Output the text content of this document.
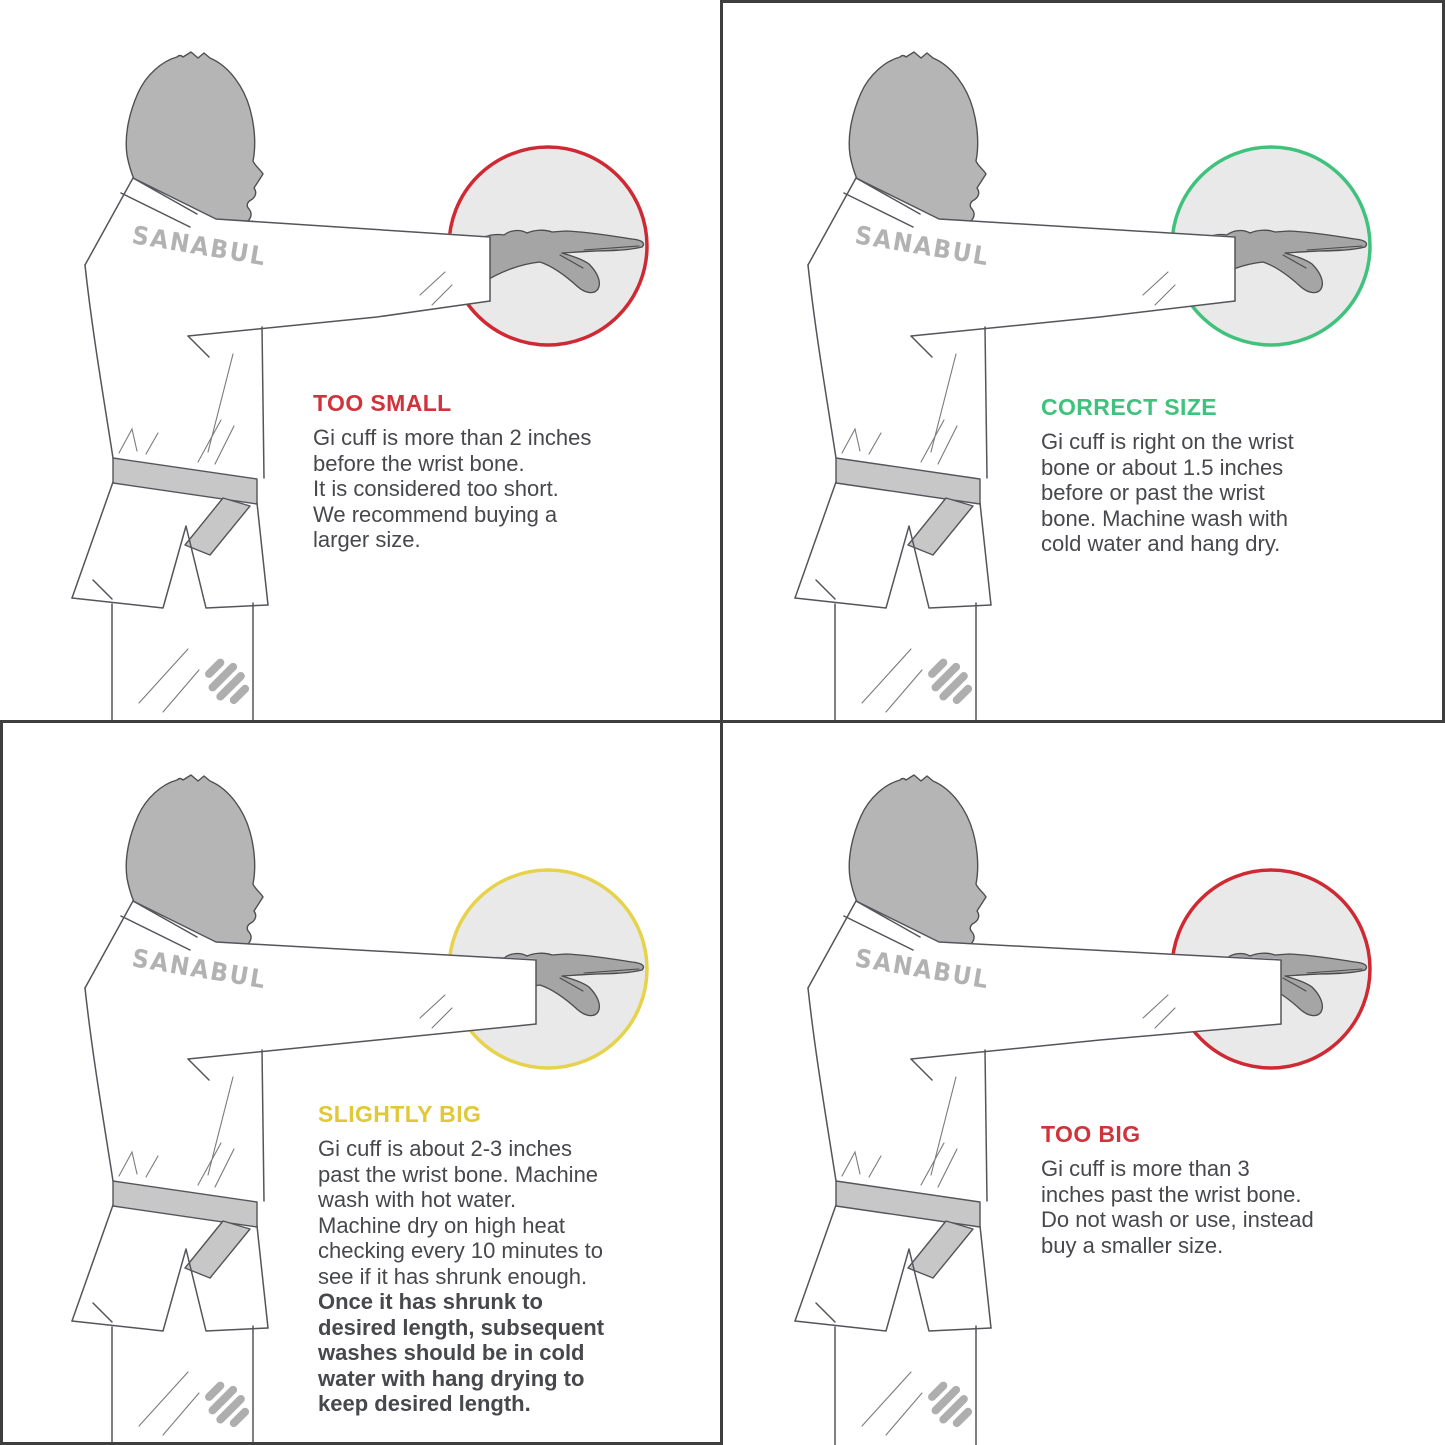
SANABUL
TOO SMALL
Gi cuff is more than 2 inches
before the wrist bone.
It is considered too short.
We recommend buying a
larger size.
SANABUL
CORRECT SIZE
Gi cuff is right on the wrist
bone or about 1.5 inches
before or past the wrist
bone. Machine wash with
cold water and hang dry.
SANABUL
SLIGHTLY BIG
Gi cuff is about 2-3 inches
past the wrist bone. Machine
wash with hot water.
Machine dry on high heat
checking every 10 minutes to
see if it has shrunk enough.
Once it has shrunk to
desired length, subsequent
washes should be in cold
water with hang drying to
keep desired length.
SANABUL
TOO BIG
Gi cuff is more than 3
inches past the wrist bone.
Do not wash or use, instead
buy a smaller size.
